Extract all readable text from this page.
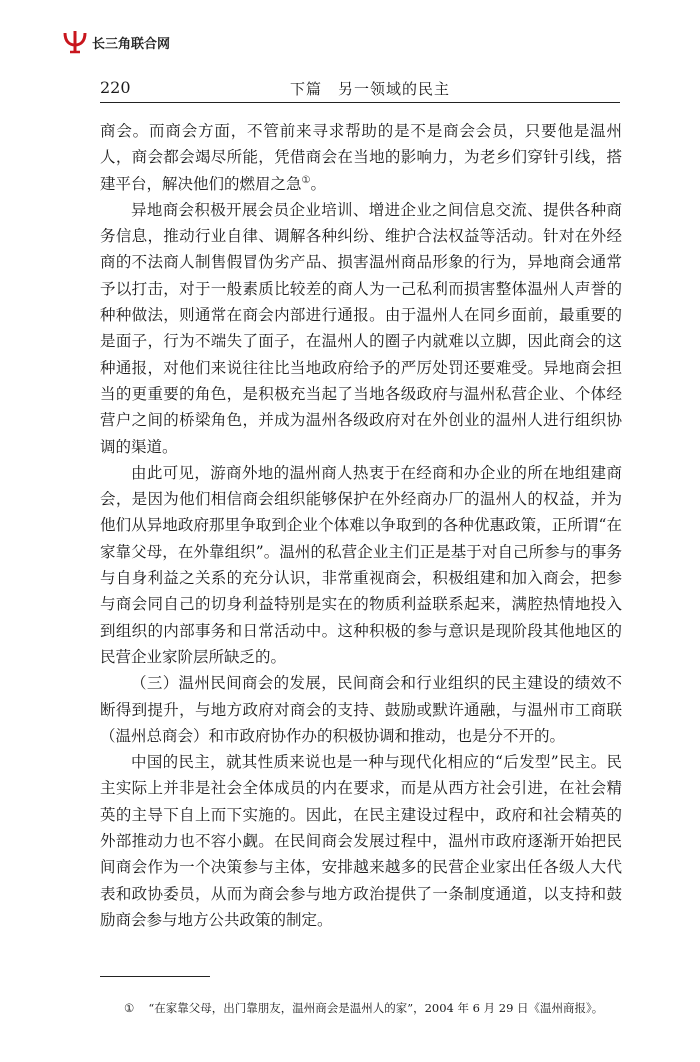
长三角联合网
220	下篇　另一领域的民主

商会。而商会方面，不管前来寻求帮助的是不是商会会员，只要他是温州人，商会都会竭尽所能，凭借商会在当地的影响力，为老乡们穿针引线，搭建平台，解决他们的燃眉之急①。

异地商会积极开展会员企业培训、增进企业之间信息交流、提供各种商务信息，推动行业自律、调解各种纠纷、维护合法权益等活动。针对在外经商的不法商人制售假冒伪劣产品、损害温州商品形象的行为，异地商会通常予以打击，对于一般素质比较差的商人为一己私利而损害整体温州人声誉的种种做法，则通常在商会内部进行通报。由于温州人在同乡面前，最重要的是面子，行为不端失了面子，在温州人的圈子内就难以立脚，因此商会的这种通报，对他们来说往往比当地政府给予的严厉处罚还要难受。异地商会担当的更重要的角色，是积极充当起了当地各级政府与温州私营企业、个体经营户之间的桥梁角色，并成为温州各级政府对在外创业的温州人进行组织协调的渠道。

由此可见，游商外地的温州商人热衷于在经商和办企业的所在地组建商会，是因为他们相信商会组织能够保护在外经商办厂的温州人的权益，并为他们从异地政府那里争取到企业个体难以争取到的各种优惠政策，正所谓“在家靠父母，在外靠组织”。温州的私营企业主们正是基于对自己所参与的事务与自身利益之关系的充分认识，非常重视商会，积极组建和加入商会，把参与商会同自己的切身利益特别是实在的物质利益联系起来，满腔热情地投入到组织的内部事务和日常活动中。这种积极的参与意识是现阶段其他地区的民营企业家阶层所缺乏的。

（三）温州民间商会的发展，民间商会和行业组织的民主建设的绩效不断得到提升，与地方政府对商会的支持、鼓励或默许通融，与温州市工商联（温州总商会）和市政府协作办的积极协调和推动，也是分不开的。

中国的民主，就其性质来说也是一种与现代化相应的“后发型”民主。民主实际上并非是社会全体成员的内在要求，而是从西方社会引进，在社会精英的主导下自上而下实施的。因此，在民主建设过程中，政府和社会精英的外部推动力也不容小觑。在民间商会发展过程中，温州市政府逐渐开始把民间商会作为一个决策参与主体，安排越来越多的民营企业家出任各级人大代表和政协委员，从而为商会参与地方政治提供了一条制度通道，以支持和鼓励商会参与地方公共政策的制定。

① “在家靠父母，出门靠朋友，温州商会是温州人的家”，2004 年 6 月 29 日《温州商报》。
